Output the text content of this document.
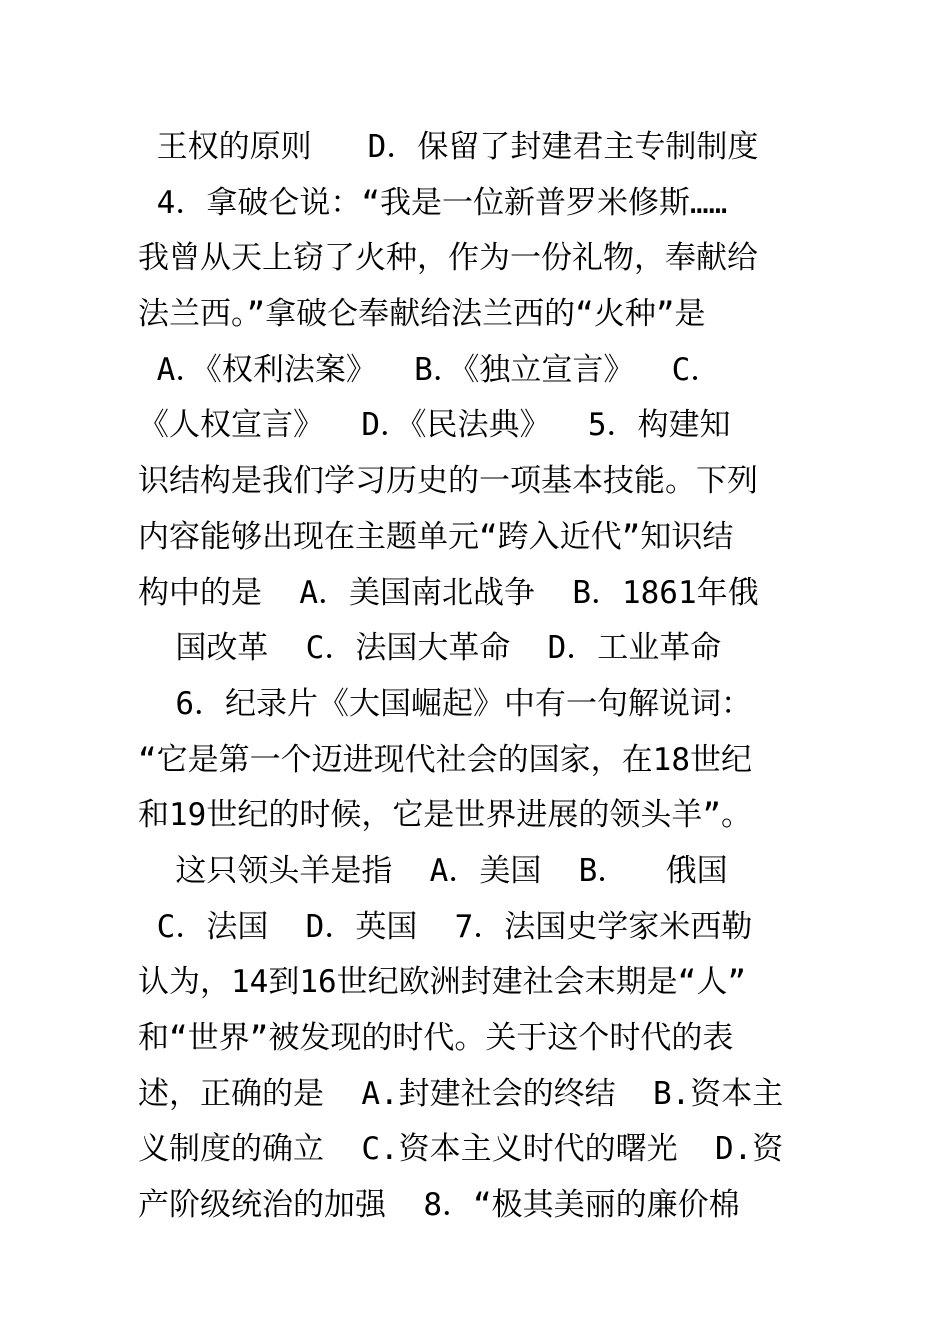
王权的原则   D．保留了封建君主专制制度
4．拿破仑说：“我是一位新普罗米修斯……
我曾从天上窃了火种，作为一份礼物，奉献给
法兰西。”拿破仑奉献给法兰西的“火种”是
A．《权利法案》  B．《独立宣言》  C．
《人权宣言》  D．《民法典》  5．构建知
识结构是我们学习历史的一项基本技能。下列
内容能够出现在主题单元“跨入近代”知识结
构中的是  A．美国南北战争  B．1861年俄
国改革  C．法国大革命  D．工业革命
6．纪录片《大国崛起》中有一句解说词：
“它是第一个迈进现代社会的国家，在18世纪
和19世纪的时候，它是世界进展的领头羊”。
这只领头羊是指  A．美国  B．  俄国
C．法国  D．英国  7．法国史学家米西勒
认为，14到16世纪欧洲封建社会末期是“人”
和“世界”被发现的时代。关于这个时代的表
述，正确的是  A.封建社会的终结  B.资本主
义制度的确立  C.资本主义时代的曙光  D.资
产阶级统治的加强  8．“极其美丽的廉价棉
